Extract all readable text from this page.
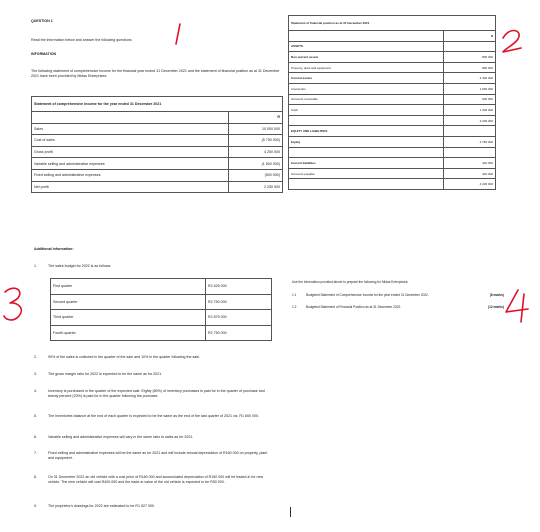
QUESTION 1
Read the information below and answer the following questions
INFORMATION
The following statement of comprehensive income for the financial year ended 31 December 2021 and the statement of financial position as at 31 December 2021 have been provided by Midas Enterprises:
Statement of comprehensive income for the year ended 31 December 2021	
	R
Sales	10 000 000
Cost of sales	(5 750 000)
Gross profit	4 250 000
Variable selling and administrative expenses	(1 500 000)
Fixed selling and administrative expenses	(500 000)
Net profit	2 250 000
Additional information:
1.	The sales budget for 2022 is as follows:
First quarter	R2 625 000
Second quarter	R2 750 000
Third quarter	R2 875 000
Fourth quarter	R2 750 000
2.	90% of the sales is collected in the quarter of the sale and 10% in the quarter following the sale.
3.	The gross margin ratio for 2022 is expected to be the same as for 2021.
4.	Inventory is purchased in the quarter of the expected sale. Eighty (80%) of inventory purchases is paid for in the quarter of purchase and twenty percent (20%) is paid for in the quarter following the purchase.
5.	The inventories balance at the end of each quarter is expected to be the same as the end of the last quarter of 2021 viz. R1 600 000.
6.	Variable selling and administrative expenses will vary in the same ratio to sales as for 2021.
7.	Fixed selling and administrative expenses will be the same as for 2021 and will include annual depreciation of R160 000 on property, plant and equipment.
8.	On 31 December 2022 an old vehicle with a cost price of R180 000 and accumulated depreciation of R150 000 will be traded-in for new vehicle. The new vehicle will cost R400 000 and the trade-in value of the old vehicle is expected to be R50 000.
9.	The proprietor's drawings for 2022 are estimated to be R1 527 000.
Statement of financial position as at 31 December 2021	
	R
ASSETS	
Non-current assets	800 000
Property, plant and equipment	800 000
Current assets	3 400 000
Inventories	1 600 000
Accounts receivable	600 000
Cash	1 200 000
	4 200 000
EQUITY AND LIABILITIES	
Equity	3 760 000

Current liabilities	440 000
Accounts payable	440 000
	4 200 000
Use the information provided above to prepare the following for Midas Enterprises:
1.1	Budgeted Statement of Comprehensive Income for the year ended 31 December 2022.	(8 marks)
1.2	Budgeted Statement of Financial Position as at 31 December 2022.	(12 marks)
